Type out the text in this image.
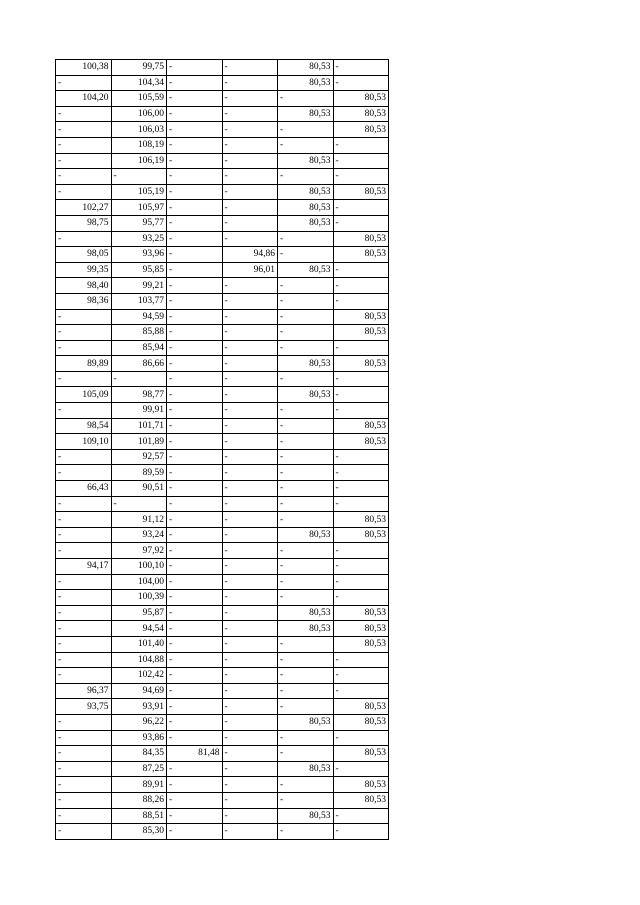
100,38	99,75	-	-	80,53	-
-	104,34	-	-	80,53	-
104,20	105,59	-	-	-	80,53
-	106,00	-	-	80,53	80,53
-	106,03	-	-	-	80,53
-	108,19	-	-	-	-
-	106,19	-	-	80,53	-
-	-	-	-	-	-
-	105,19	-	-	80,53	80,53
102,27	105,97	-	-	80,53	-
98,75	95,77	-	-	80,53	-
-	93,25	-	-	-	80,53
98,05	93,96	-	94,86	-	80,53
99,35	95,85	-	96,01	80,53	-
98,40	99,21	-	-	-	-
98,36	103,77	-	-	-	-
-	94,59	-	-	-	80,53
-	85,88	-	-	-	80,53
-	85,94	-	-	-	-
89,89	86,66	-	-	80,53	80,53
-	-	-	-	-	-
105,09	98,77	-	-	80,53	-
-	99,91	-	-	-	-
98,54	101,71	-	-	-	80,53
109,10	101,89	-	-	-	80,53
-	92,57	-	-	-	-
-	89,59	-	-	-	-
66,43	90,51	-	-	-	-
-	-	-	-	-	-
-	91,12	-	-	-	80,53
-	93,24	-	-	80,53	80,53
-	97,92	-	-	-	-
94,17	100,10	-	-	-	-
-	104,00	-	-	-	-
-	100,39	-	-	-	-
-	95,87	-	-	80,53	80,53
-	94,54	-	-	80,53	80,53
-	101,40	-	-	-	80,53
-	104,88	-	-	-	-
-	102,42	-	-	-	-
96,37	94,69	-	-	-	-
93,75	93,91	-	-	-	80,53
-	96,22	-	-	80,53	80,53
-	93,86	-	-	-	-
-	84,35	81,48	-	-	80,53
-	87,25	-	-	80,53	-
-	89,91	-	-	-	80,53
-	88,26	-	-	-	80,53
-	88,51	-	-	80,53	-
-	85,30	-	-	-	-
